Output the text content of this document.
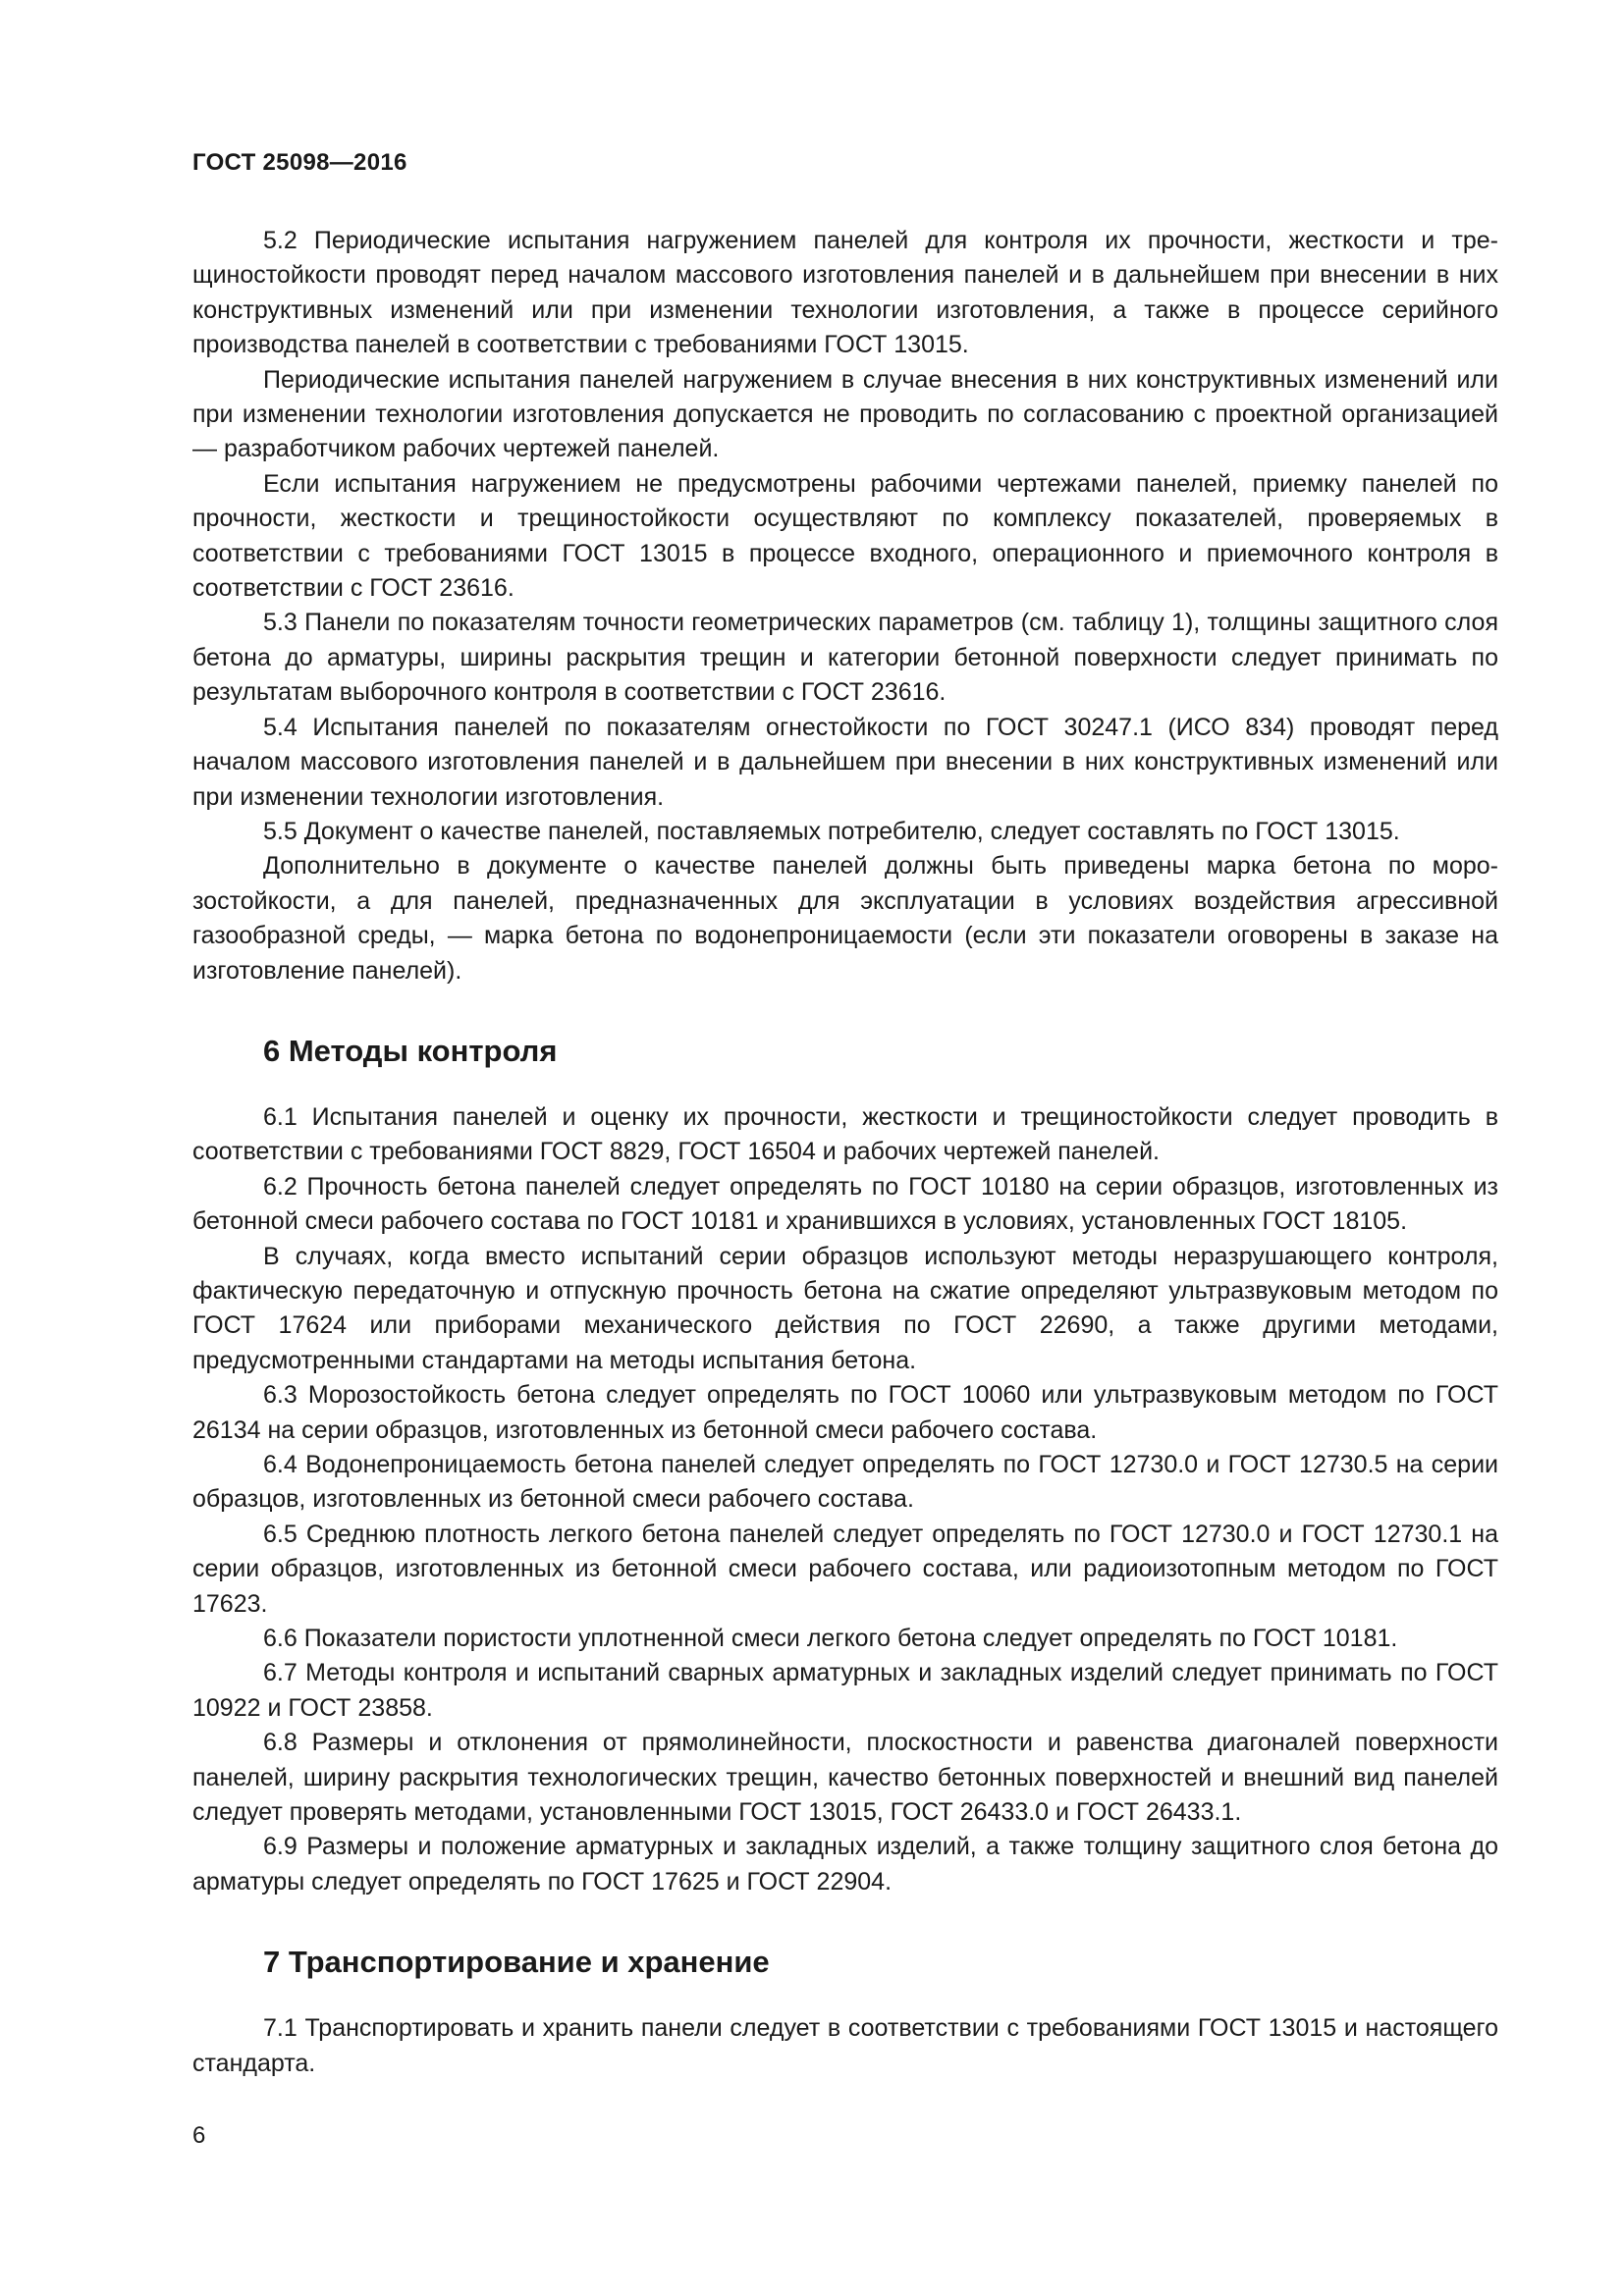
ГОСТ 25098—2016

5.2 Периодические испытания нагружением панелей для контроля их прочности, жесткости и трещиностойкости проводят перед началом массового изготовления панелей и в дальнейшем при внесении в них конструктивных изменений или при изменении технологии изготовления, а также в процессе серийного производства панелей в соответствии с требованиями ГОСТ 13015.

Периодические испытания панелей нагружением в случае внесения в них конструктивных изменений или при изменении технологии изготовления допускается не проводить по согласованию с проектной организацией — разработчиком рабочих чертежей панелей.

Если испытания нагружением не предусмотрены рабочими чертежами панелей, приемку панелей по прочности, жесткости и трещиностойкости осуществляют по комплексу показателей, проверяемых в соответствии с требованиями ГОСТ 13015 в процессе входного, операционного и приемочного контроля в соответствии с ГОСТ 23616.

5.3 Панели по показателям точности геометрических параметров (см. таблицу 1), толщины защитного слоя бетона до арматуры, ширины раскрытия трещин и категории бетонной поверхности следует принимать по результатам выборочного контроля в соответствии с ГОСТ 23616.

5.4 Испытания панелей по показателям огнестойкости по ГОСТ 30247.1 (ИСО 834) проводят перед началом массового изготовления панелей и в дальнейшем при внесении в них конструктивных изменений или при изменении технологии изготовления.

5.5 Документ о качестве панелей, поставляемых потребителю, следует составлять по ГОСТ 13015.

Дополнительно в документе о качестве панелей должны быть приведены марка бетона по морозостойкости, а для панелей, предназначенных для эксплуатации в условиях воздействия агрессивной газообразной среды, — марка бетона по водонепроницаемости (если эти показатели оговорены в заказе на изготовление панелей).

6 Методы контроля

6.1 Испытания панелей и оценку их прочности, жесткости и трещиностойкости следует проводить в соответствии с требованиями ГОСТ 8829, ГОСТ 16504 и рабочих чертежей панелей.

6.2 Прочность бетона панелей следует определять по ГОСТ 10180 на серии образцов, изготовленных из бетонной смеси рабочего состава по ГОСТ 10181 и хранившихся в условиях, установленных ГОСТ 18105.

В случаях, когда вместо испытаний серии образцов используют методы неразрушающего контроля, фактическую передаточную и отпускную прочность бетона на сжатие определяют ультразвуковым методом по ГОСТ 17624 или приборами механического действия по ГОСТ 22690, а также другими методами, предусмотренными стандартами на методы испытания бетона.

6.3 Морозостойкость бетона следует определять по ГОСТ 10060 или ультразвуковым методом по ГОСТ 26134 на серии образцов, изготовленных из бетонной смеси рабочего состава.

6.4 Водонепроницаемость бетона панелей следует определять по ГОСТ 12730.0 и ГОСТ 12730.5 на серии образцов, изготовленных из бетонной смеси рабочего состава.

6.5 Среднюю плотность легкого бетона панелей следует определять по ГОСТ 12730.0 и ГОСТ 12730.1 на серии образцов, изготовленных из бетонной смеси рабочего состава, или радиоизотопным методом по ГОСТ 17623.

6.6 Показатели пористости уплотненной смеси легкого бетона следует определять по ГОСТ 10181.

6.7 Методы контроля и испытаний сварных арматурных и закладных изделий следует принимать по ГОСТ 10922 и ГОСТ 23858.

6.8 Размеры и отклонения от прямолинейности, плоскостности и равенства диагоналей поверхности панелей, ширину раскрытия технологических трещин, качество бетонных поверхностей и внешний вид панелей следует проверять методами, установленными ГОСТ 13015, ГОСТ 26433.0 и ГОСТ 26433.1.

6.9 Размеры и положение арматурных и закладных изделий, а также толщину защитного слоя бетона до арматуры следует определять по ГОСТ 17625 и ГОСТ 22904.

7 Транспортирование и хранение

7.1 Транспортировать и хранить панели следует в соответствии с требованиями ГОСТ 13015 и настоящего стандарта.

6
